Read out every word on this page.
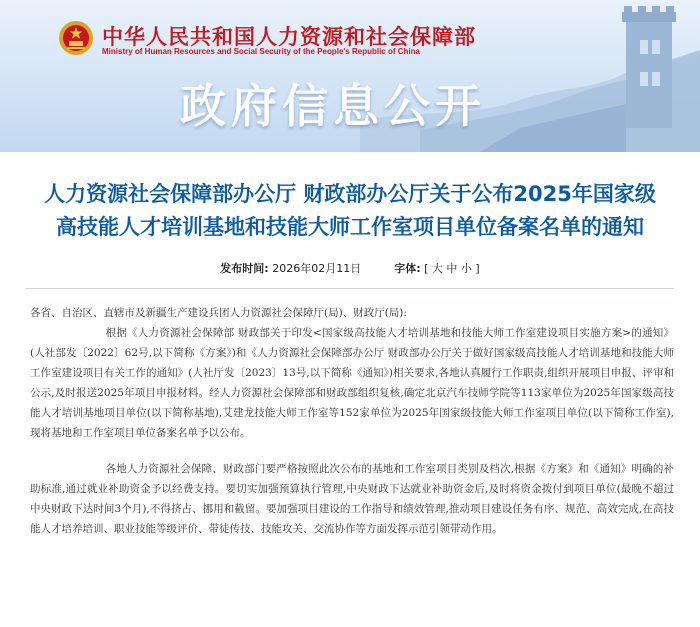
中华人民共和国人力资源和社会保障部
Ministry of Human Resources and Social Security of the People's Republic of China
政府信息公开
人力资源社会保障部办公厅 财政部办公厅关于公布2025年国家级高技能人才培训基地和技能大师工作室项目单位备案名单的通知
发布时间: 2026年02月11日	字体: [ 大 中 小 ]

各省、自治区、直辖市及新疆生产建设兵团人力资源社会保障厅(局)、财政厅(局):

根据《人力资源社会保障部 财政部关于印发<国家级高技能人才培训基地和技能大师工作室建设项目实施方案>的通知》(人社部发〔2022〕62号,以下简称《方案》)和《人力资源社会保障部办公厅 财政部办公厅关于做好国家级高技能人才培训基地和技能大师工作室建设项目有关工作的通知》(人社厅发〔2023〕13号,以下简称《通知》)相关要求,各地认真履行工作职责,组织开展项目申报、评审和公示,及时报送2025年项目申报材料。经人力资源社会保障部和财政部组织复核,确定北京汽车技师学院等113家单位为2025年国家级高技能人才培训基地项目单位(以下简称基地),艾建龙技能大师工作室等152家单位为2025年国家级技能大师工作室项目单位(以下简称工作室),现将基地和工作室项目单位备案名单予以公布。

各地人力资源社会保障、财政部门要严格按照此次公布的基地和工作室项目类别及档次,根据《方案》和《通知》明确的补助标准,通过就业补助资金予以经费支持。要切实加强预算执行管理,中央财政下达就业补助资金后,及时将资金拨付到项目单位(最晚不超过中央财政下达时间3个月),不得挤占、挪用和截留。要加强项目建设的工作指导和绩效管理,推动项目建设任务有序、规范、高效完成,在高技能人才培养培训、职业技能等级评价、带徒传技、技能攻关、交流协作等方面发挥示范引领带动作用。
